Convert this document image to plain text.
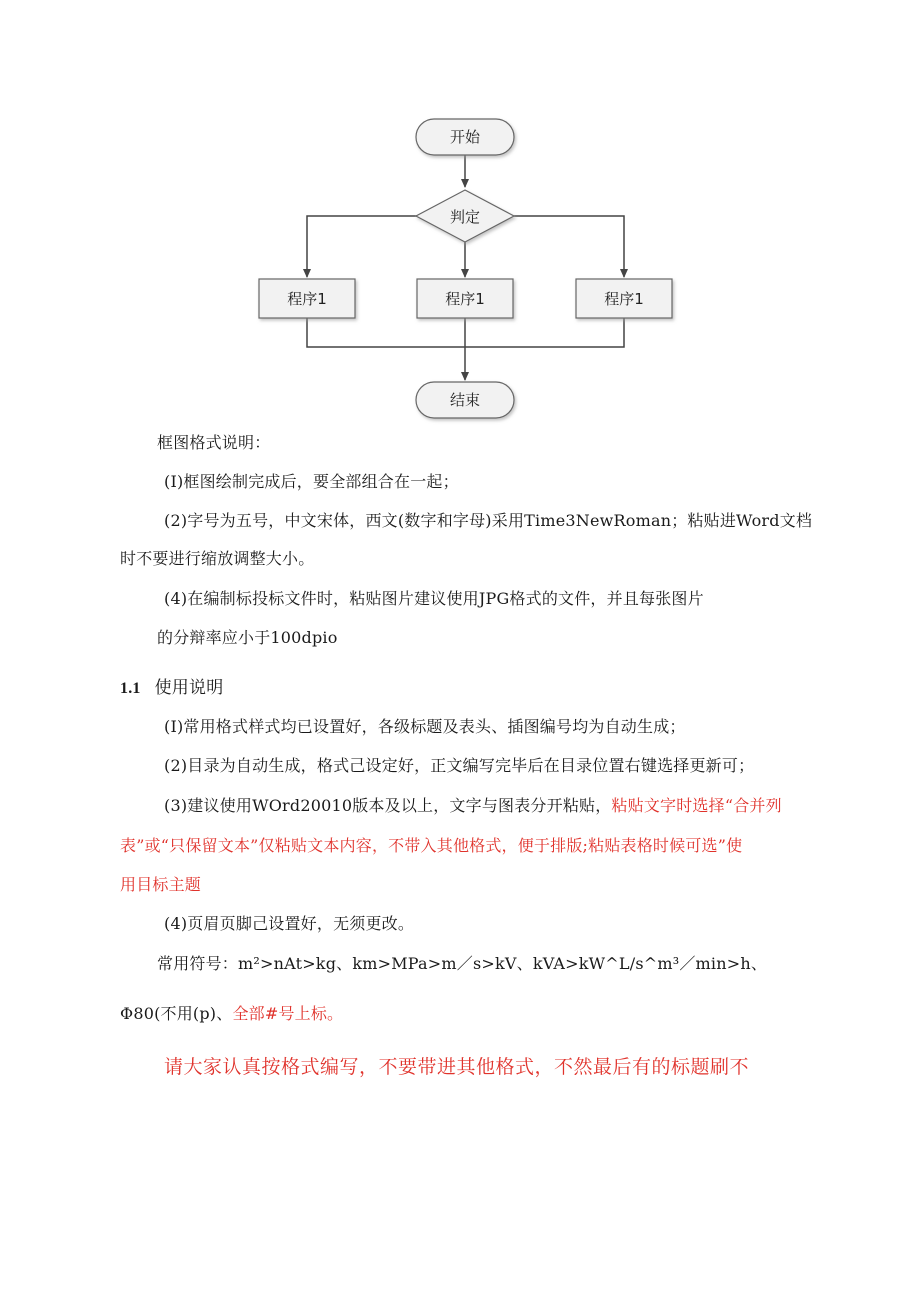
开始
判定
程序1	程序1	程序1
结束
框图格式说明：
(I)框图绘制完成后，要全部组合在一起；
(2)字号为五号，中文宋体，西文(数字和字母)采用Time3NewRoman；粘贴进Word文档
时不要进行缩放调整大小。
(4)在编制标投标文件时，粘贴图片建议使用JPG格式的文件，并且每张图片
的分辩率应小于100dpio
1.1 使用说明
(I)常用格式样式均已设置好，各级标题及表头、插图编号均为自动生成；
(2)目录为自动生成，格式己设定好，正文编写完毕后在目录位置右键选择更新可；
(3)建议使用WOrd20010版本及以上，文字与图表分开粘贴，粘贴文字时选择“合并列
表”或“只保留文本”仅粘贴文本内容，不带入其他格式，便于排版;粘贴表格时候可选”使
用目标主题
(4)页眉页脚己设置好，无须更改。
常用符号：m²>nAt>kg、km>MPa>m／s>kV、kVA>kW^L/s^m³／min>h、
Φ80(不用(p)、全部#号上标。
请大家认真按格式编写，不要带进其他格式，不然最后有的标题刷不
